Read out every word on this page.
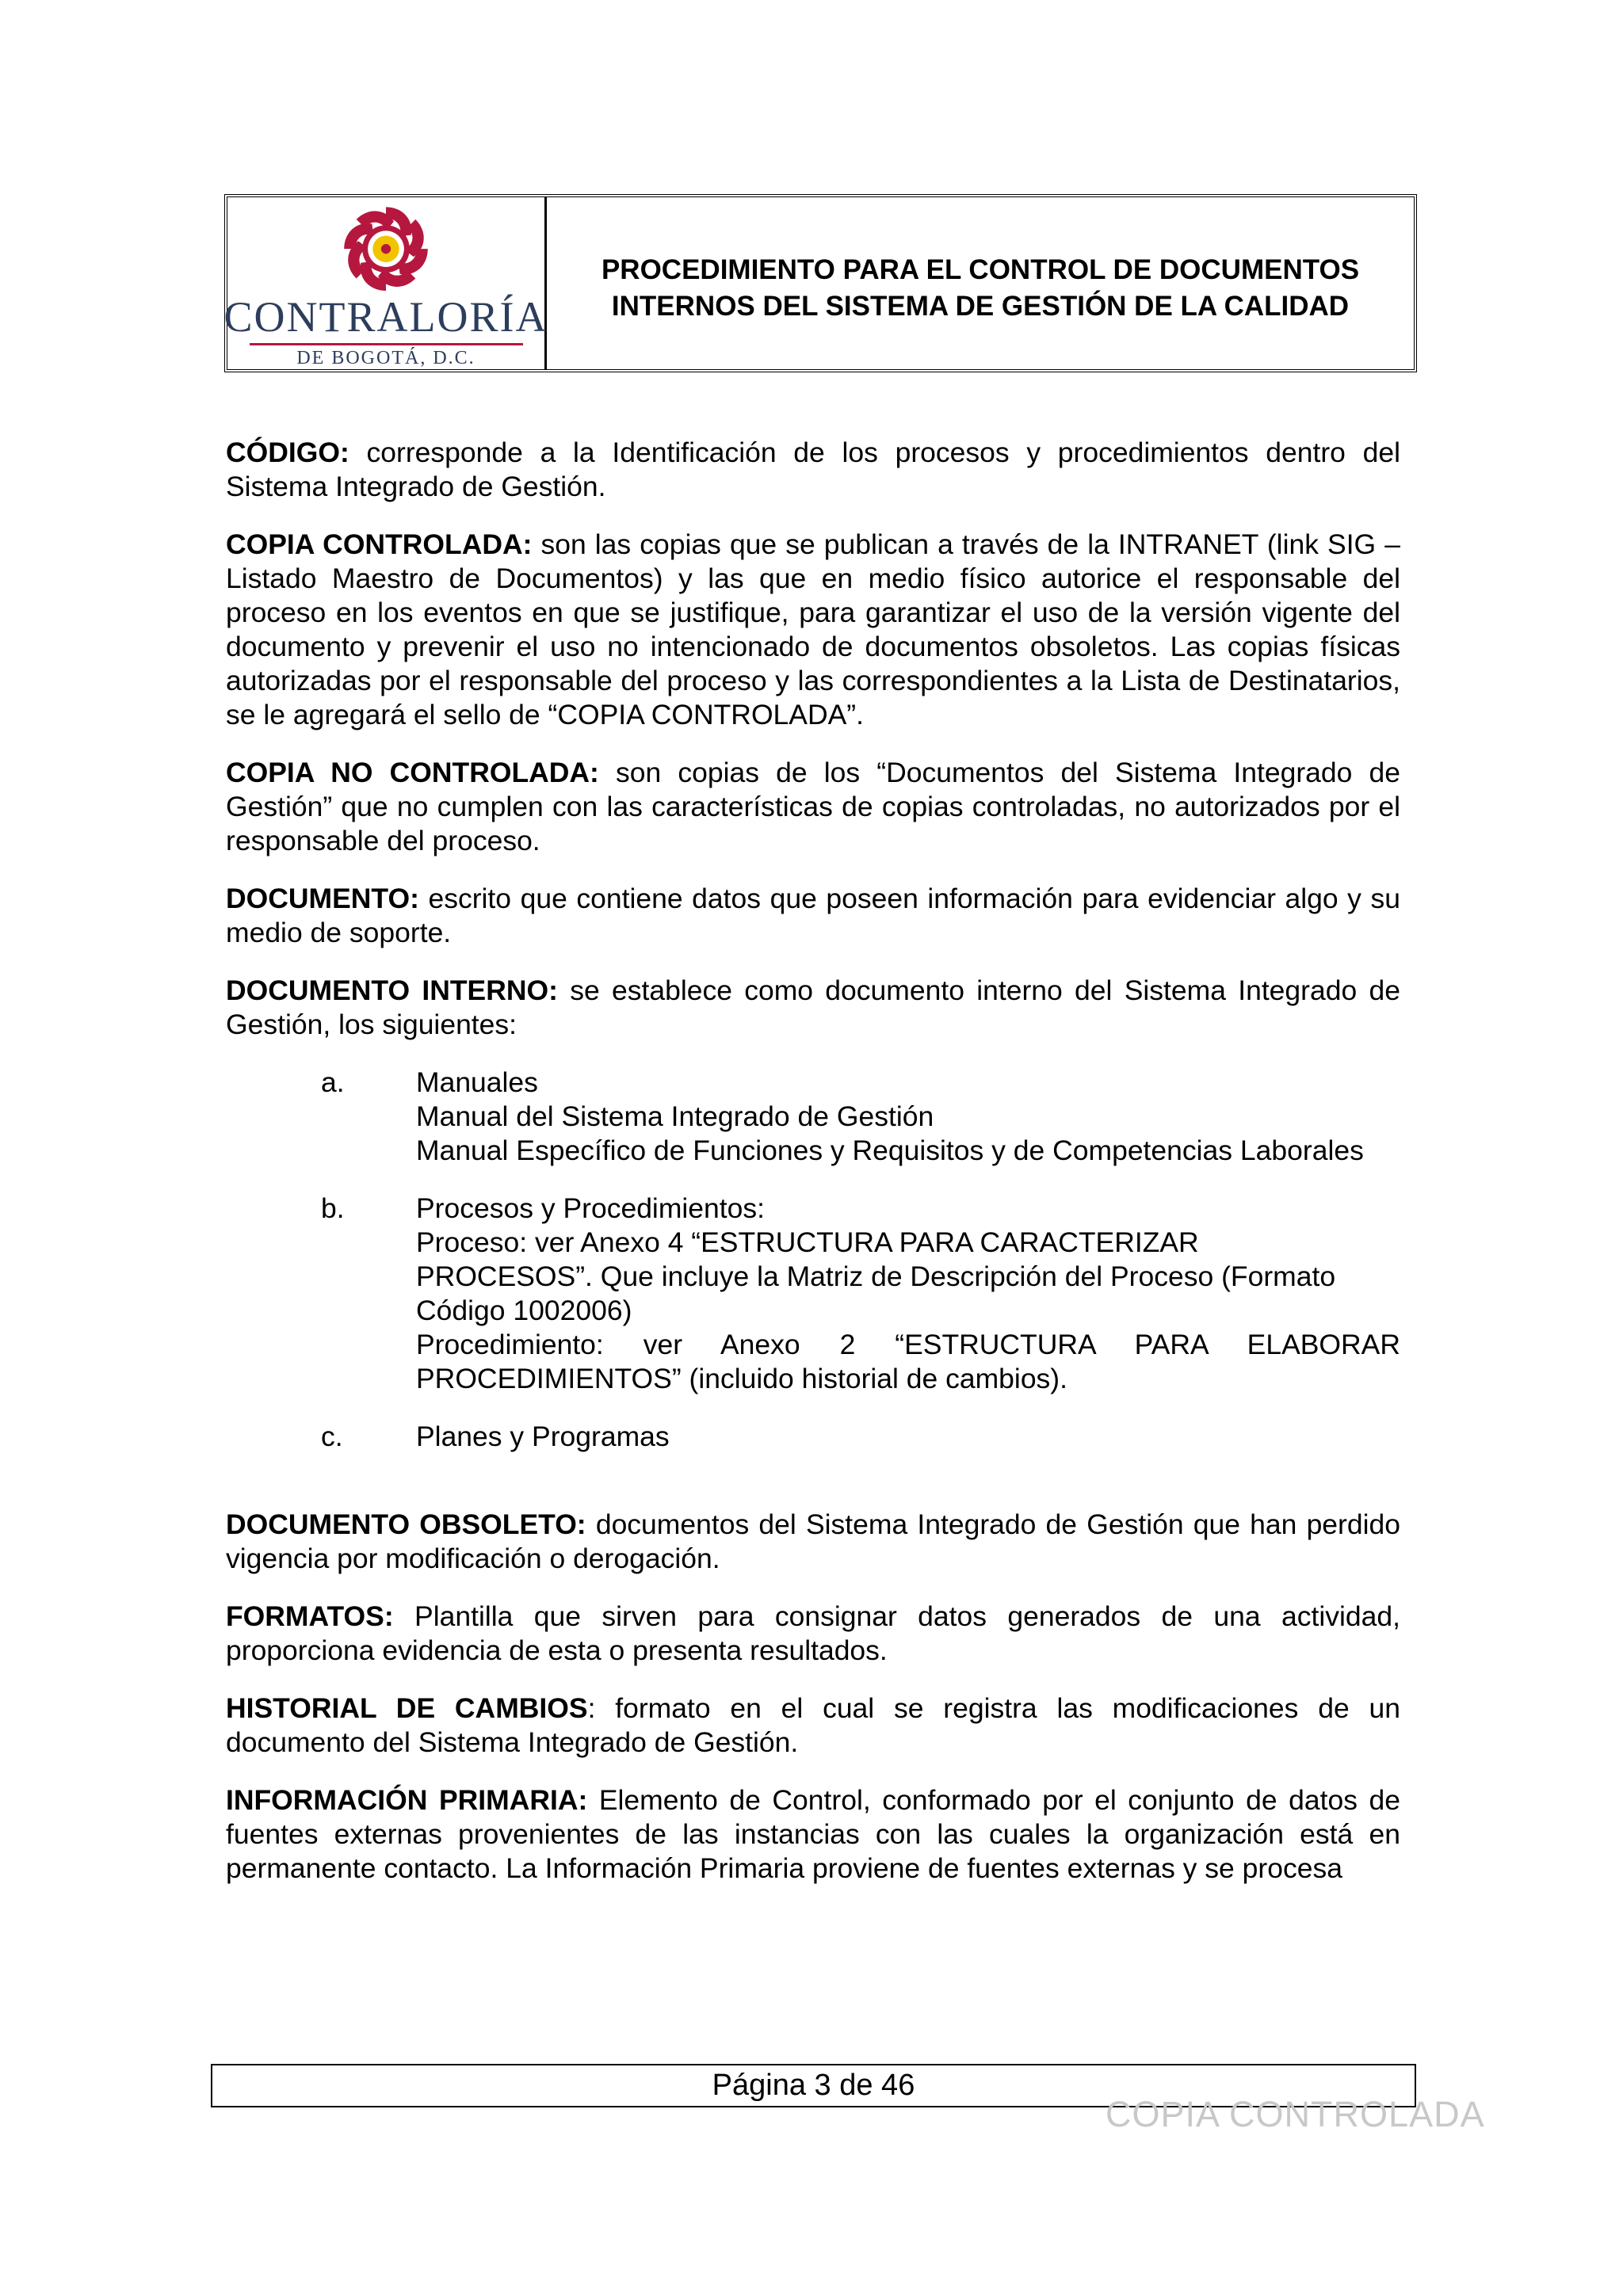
CONTRALORÍA
DE BOGOTÁ, D.C.
PROCEDIMIENTO PARA EL CONTROL DE DOCUMENTOS
INTERNOS DEL SISTEMA DE GESTIÓN DE LA CALIDAD

CÓDIGO: corresponde a la Identificación de los procesos y procedimientos dentro del Sistema Integrado de Gestión.

COPIA CONTROLADA: son las copias que se publican a través de la INTRANET (link SIG – Listado Maestro de Documentos) y las que en medio físico autorice el responsable del proceso en los eventos en que se justifique, para garantizar el uso de la versión vigente del documento y prevenir el uso no intencionado de documentos obsoletos. Las copias físicas autorizadas por el responsable del proceso y las correspondientes a la Lista de Destinatarios, se le agregará el sello de “COPIA CONTROLADA”.

COPIA NO CONTROLADA: son copias de los “Documentos del Sistema Integrado de Gestión” que no cumplen con las características de copias controladas, no autorizados por el responsable del proceso.

DOCUMENTO: escrito que contiene datos que poseen información para evidenciar algo y su medio de soporte.

DOCUMENTO INTERNO: se establece como documento interno del Sistema Integrado de Gestión, los siguientes:

a.	Manuales
Manual del Sistema Integrado de Gestión
Manual Específico de Funciones y Requisitos y de Competencias Laborales
b.	Procesos y Procedimientos:
Proceso: ver Anexo 4 “ESTRUCTURA PARA CARACTERIZAR
PROCESOS”. Que incluye la Matriz de Descripción del Proceso (Formato
Código 1002006)
Procedimiento: ver Anexo 2 “ESTRUCTURA PARA ELABORAR
PROCEDIMIENTOS” (incluido historial de cambios).
c.	Planes y Programas

DOCUMENTO OBSOLETO: documentos del Sistema Integrado de Gestión que han perdido vigencia por modificación o derogación.

FORMATOS: Plantilla que sirven para consignar datos generados de una actividad, proporciona evidencia de esta o presenta resultados.

HISTORIAL DE CAMBIOS: formato en el cual se registra las modificaciones de un documento del Sistema Integrado de Gestión.

INFORMACIÓN PRIMARIA: Elemento de Control, conformado por el conjunto de datos de fuentes externas provenientes de las instancias con las cuales la organización está en permanente contacto. La Información Primaria proviene de fuentes externas y se procesa

Página 3 de 46
COPIA CONTROLADA
